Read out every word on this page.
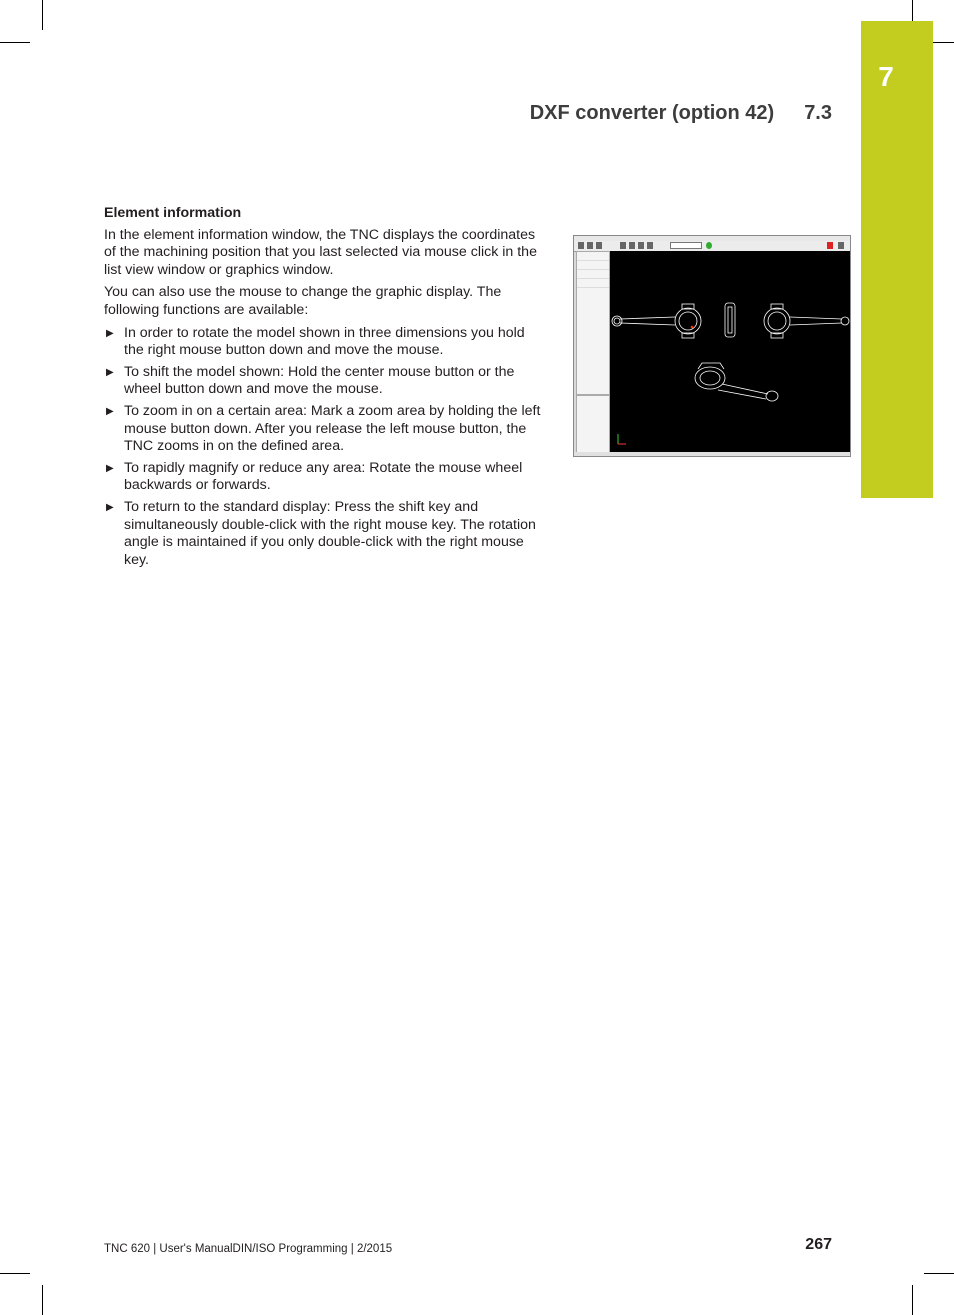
7
DXF converter (option 42) 7.3
Element information

In the element information window, the TNC displays the coordinates of the machining position that you last selected via mouse click in the list view window or graphics window.

You can also use the mouse to change the graphic display. The following functions are available:

▶ In order to rotate the model shown in three dimensions you hold the right mouse button down and move the mouse.
▶ To shift the model shown: Hold the center mouse button or the wheel button down and move the mouse.
▶ To zoom in on a certain area: Mark a zoom area by holding the left mouse button down. After you release the left mouse button, the TNC zooms in on the defined area.
▶ To rapidly magnify or reduce any area: Rotate the mouse wheel backwards or forwards.
▶ To return to the standard display: Press the shift key and simultaneously double-click with the right mouse key. The rotation angle is maintained if you only double-click with the right mouse key.
TNC 620 | User's ManualDIN/ISO Programming | 2/2015	267
